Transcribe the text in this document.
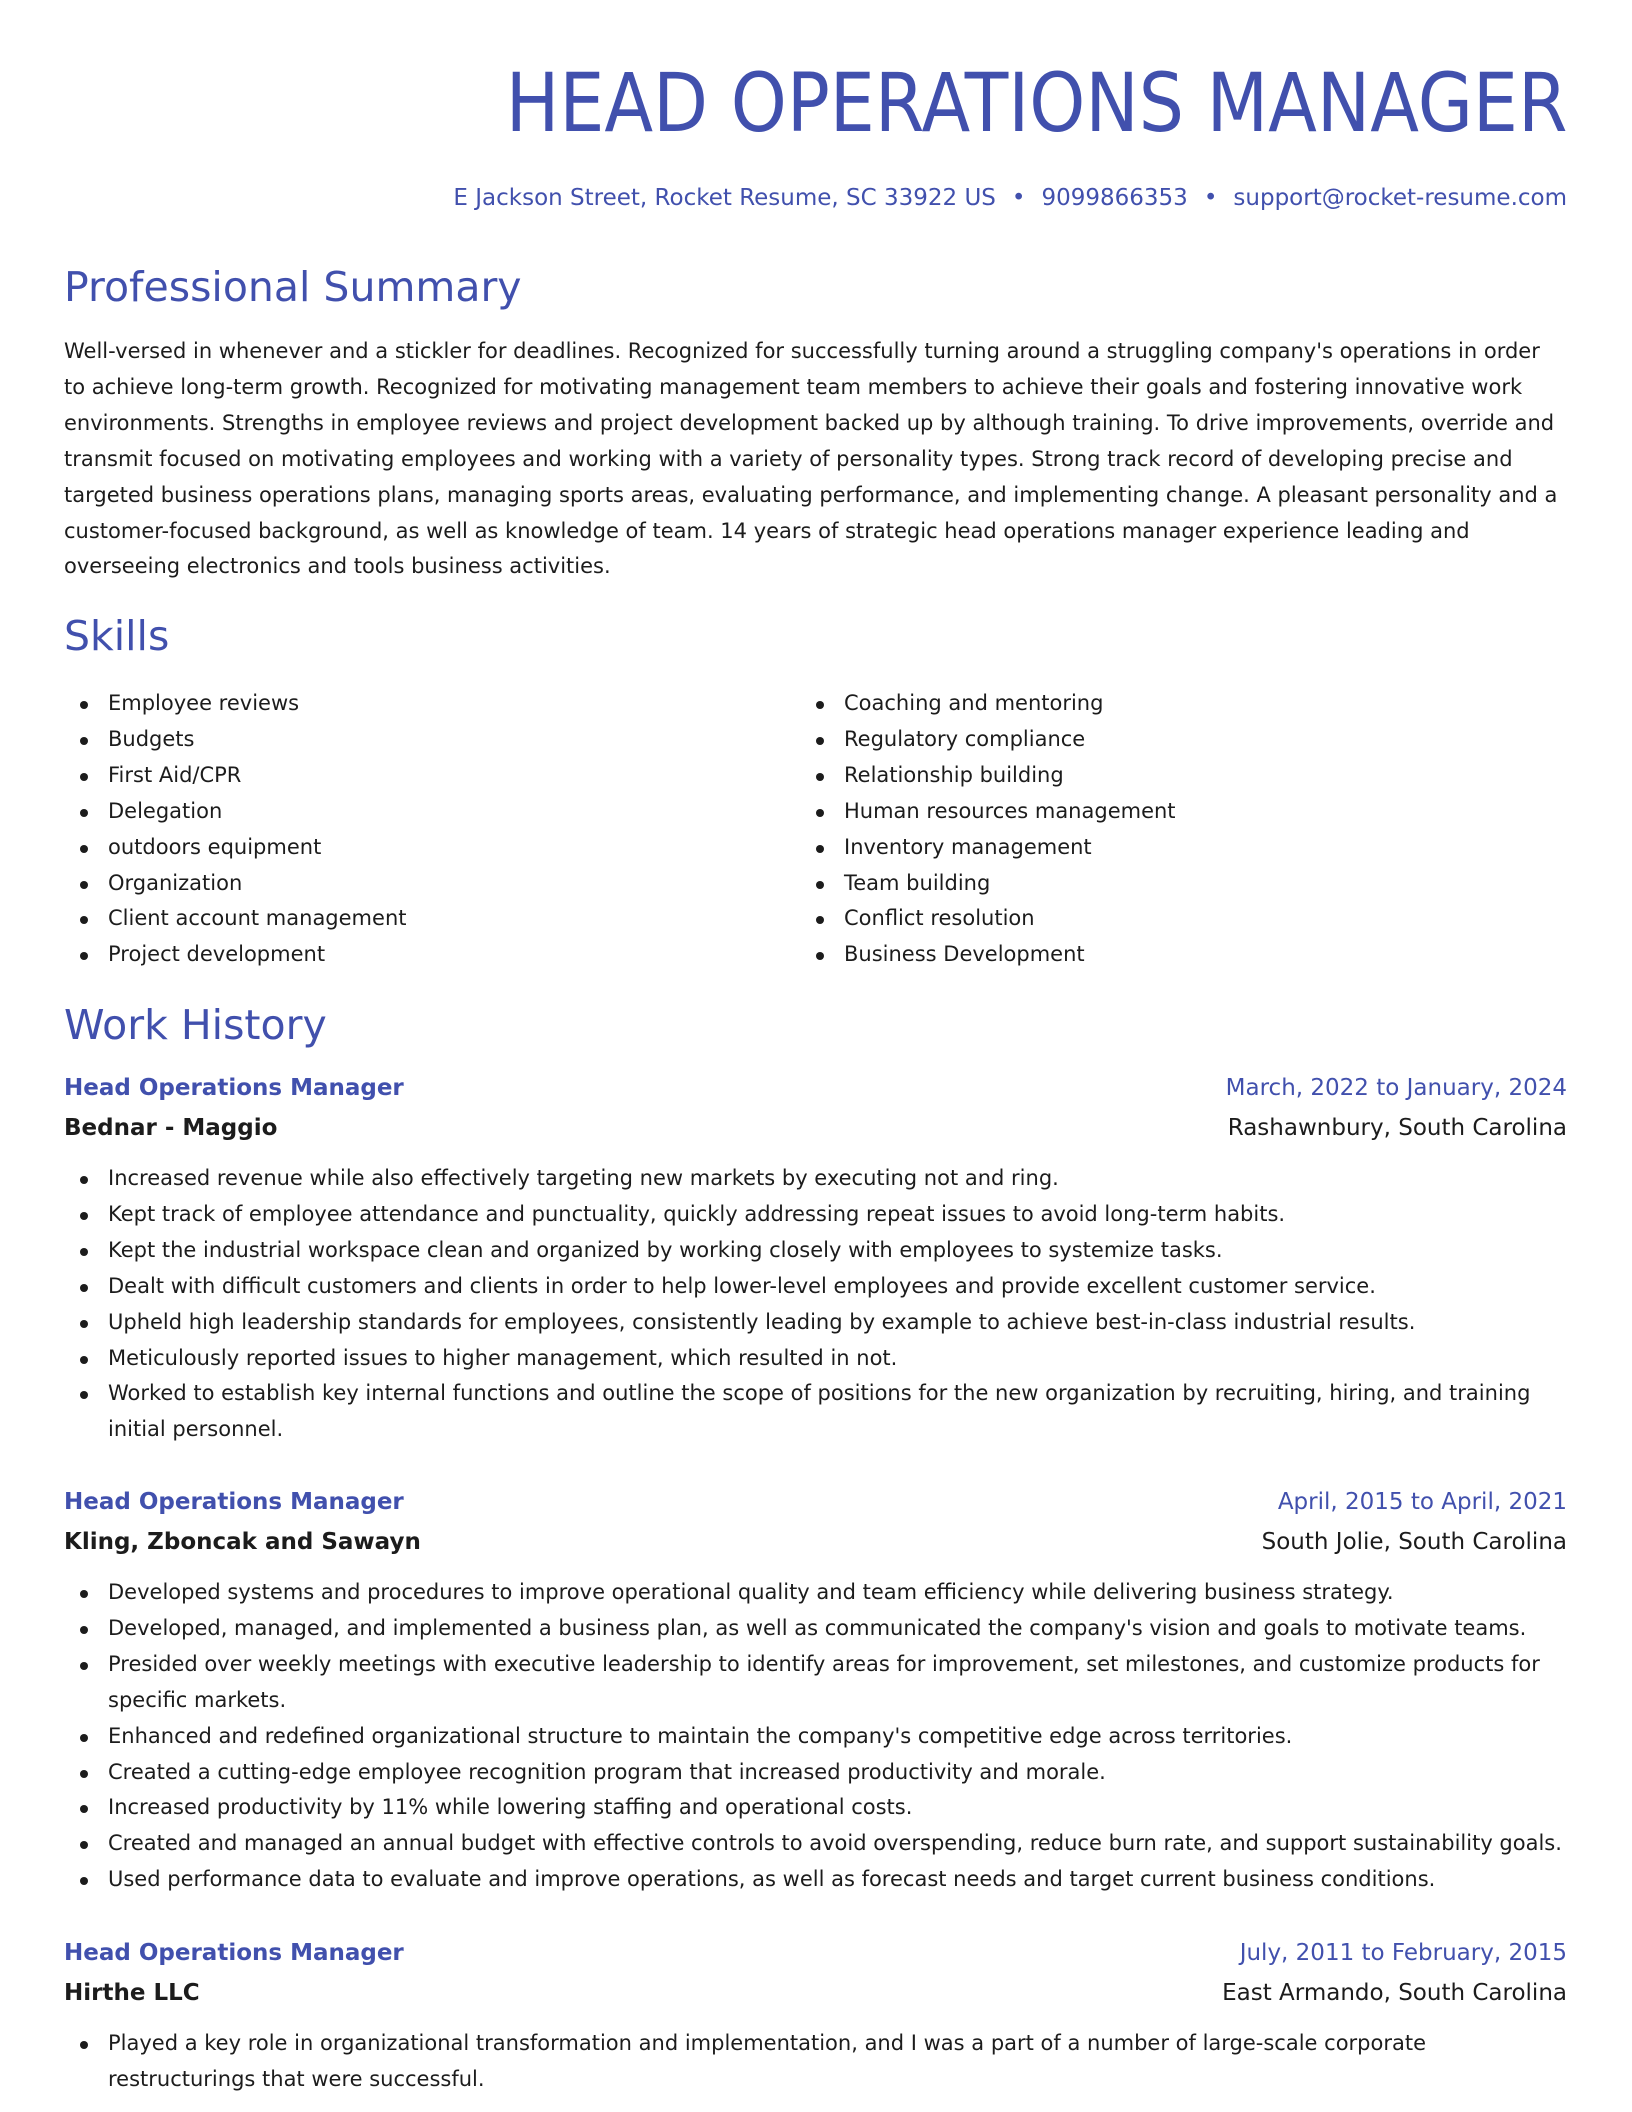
HEAD OPERATIONS MANAGER
E Jackson Street, Rocket Resume, SC 33922 US • 9099866353 • support@rocket-resume.com
Professional Summary

Well-versed in whenever and a stickler for deadlines. Recognized for successfully turning around a struggling company's operations in order to achieve long-term growth. Recognized for motivating management team members to achieve their goals and fostering innovative work environments. Strengths in employee reviews and project development backed up by although training. To drive improvements, override and transmit focused on motivating employees and working with a variety of personality types. Strong track record of developing precise and targeted business operations plans, managing sports areas, evaluating performance, and implementing change. A pleasant personality and a customer-focused background, as well as knowledge of team. 14 years of strategic head operations manager experience leading and overseeing electronics and tools business activities.

Skills
Employee reviews
Budgets
First Aid/CPR
Delegation
outdoors equipment
Organization
Client account management
Project development
Coaching and mentoring
Regulatory compliance
Relationship building
Human resources management
Inventory management
Team building
Conflict resolution
Business Development
Work History
Head Operations Manager	March, 2022 to January, 2024
Bednar - Maggio	Rashawnbury, South Carolina
Increased revenue while also effectively targeting new markets by executing not and ring.
Kept track of employee attendance and punctuality, quickly addressing repeat issues to avoid long-term habits.
Kept the industrial workspace clean and organized by working closely with employees to systemize tasks.
Dealt with difficult customers and clients in order to help lower-level employees and provide excellent customer service.
Upheld high leadership standards for employees, consistently leading by example to achieve best-in-class industrial results.
Meticulously reported issues to higher management, which resulted in not.
Worked to establish key internal functions and outline the scope of positions for the new organization by recruiting, hiring, and training initial personnel.
Head Operations Manager	April, 2015 to April, 2021
Kling, Zboncak and Sawayn	South Jolie, South Carolina
Developed systems and procedures to improve operational quality and team efficiency while delivering business strategy.
Developed, managed, and implemented a business plan, as well as communicated the company's vision and goals to motivate teams.
Presided over weekly meetings with executive leadership to identify areas for improvement, set milestones, and customize products for specific markets.
Enhanced and redefined organizational structure to maintain the company's competitive edge across territories.
Created a cutting-edge employee recognition program that increased productivity and morale.
Increased productivity by 11% while lowering staffing and operational costs.
Created and managed an annual budget with effective controls to avoid overspending, reduce burn rate, and support sustainability goals.
Used performance data to evaluate and improve operations, as well as forecast needs and target current business conditions.
Head Operations Manager	July, 2011 to February, 2015
Hirthe LLC	East Armando, South Carolina
Played a key role in organizational transformation and implementation, and I was a part of a number of large-scale corporate restructurings that were successful.
